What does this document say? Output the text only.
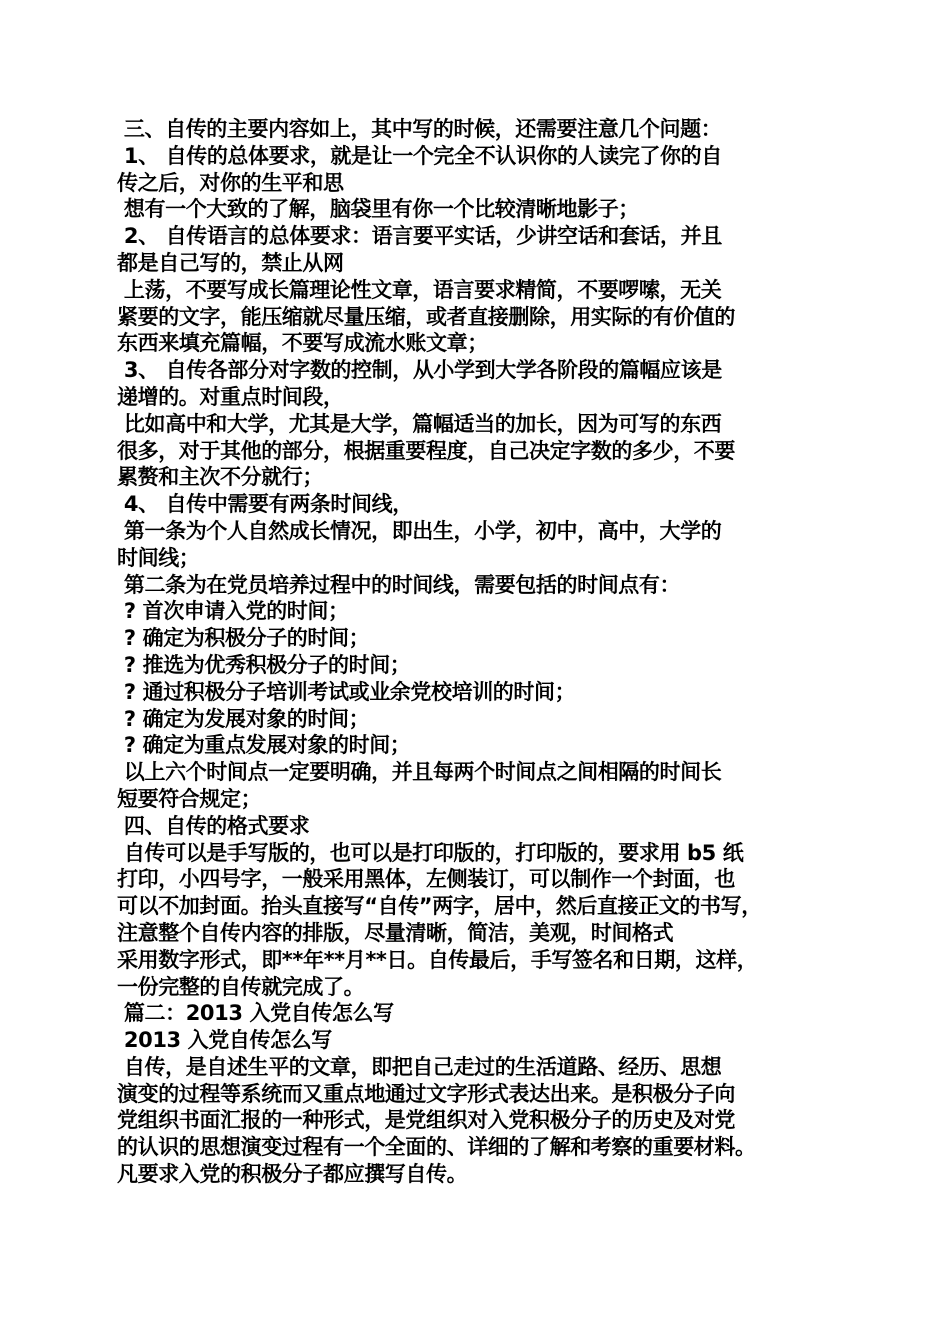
三、自传的主要内容如上，其中写的时候，还需要注意几个问题：
1、 自传的总体要求，就是让一个完全不认识你的人读完了你的自
传之后，对你的生平和思
想有一个大致的了解，脑袋里有你一个比较清晰地影子；
2、 自传语言的总体要求：语言要平实话，少讲空话和套话，并且
都是自己写的，禁止从网
上荡，不要写成长篇理论性文章，语言要求精简，不要啰嗦，无关
紧要的文字，能压缩就尽量压缩，或者直接删除，用实际的有价值的
东西来填充篇幅，不要写成流水账文章；
3、 自传各部分对字数的控制，从小学到大学各阶段的篇幅应该是
递增的。对重点时间段，
比如高中和大学，尤其是大学，篇幅适当的加长，因为可写的东西
很多，对于其他的部分，根据重要程度，自己决定字数的多少，不要
累赘和主次不分就行；
4、 自传中需要有两条时间线，
第一条为个人自然成长情况，即出生，小学，初中，高中，大学的
时间线；
第二条为在党员培养过程中的时间线，需要包括的时间点有：
? 首次申请入党的时间；
? 确定为积极分子的时间；
? 推选为优秀积极分子的时间；
? 通过积极分子培训考试或业余党校培训的时间；
? 确定为发展对象的时间；
? 确定为重点发展对象的时间；
以上六个时间点一定要明确，并且每两个时间点之间相隔的时间长
短要符合规定；
四、自传的格式要求
自传可以是手写版的，也可以是打印版的，打印版的，要求用 b5 纸
打印，小四号字，一般采用黑体，左侧装订，可以制作一个封面，也
可以不加封面。抬头直接写“自传”两字，居中，然后直接正文的书写，
注意整个自传内容的排版，尽量清晰，简洁，美观，时间格式
采用数字形式，即**年**月**日。自传最后，手写签名和日期，这样，
一份完整的自传就完成了。
篇二：2013 入党自传怎么写
2013 入党自传怎么写
自传，是自述生平的文章，即把自己走过的生活道路、经历、思想
演变的过程等系统而又重点地通过文字形式表达出来。是积极分子向
党组织书面汇报的一种形式，是党组织对入党积极分子的历史及对党
的认识的思想演变过程有一个全面的、详细的了解和考察的重要材料。
凡要求入党的积极分子都应撰写自传。
